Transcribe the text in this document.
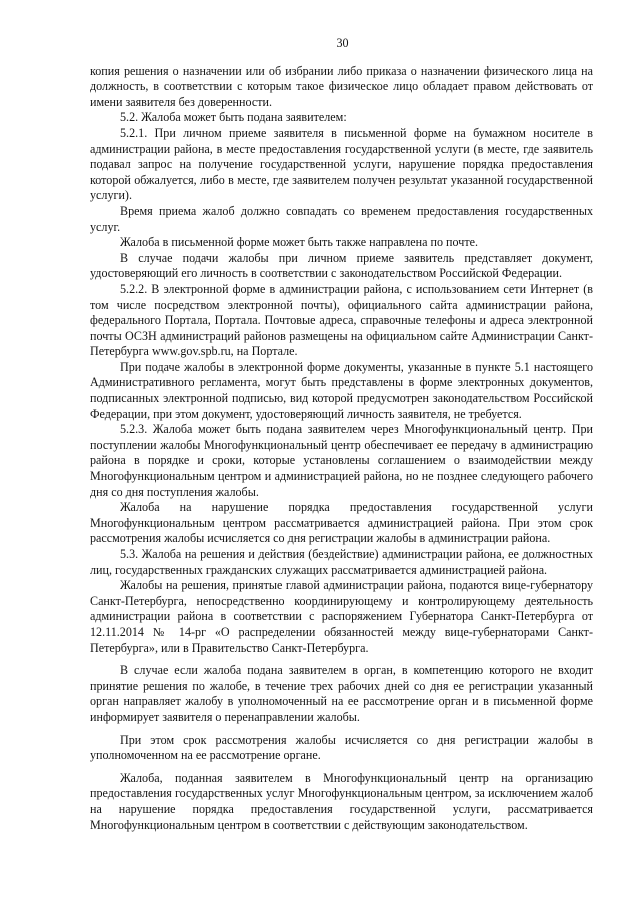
30

копия решения о назначении или об избрании либо приказа о назначении физического лица на должность, в соответствии с которым такое физическое лицо обладает правом действовать от имени заявителя без доверенности.

5.2. Жалоба может быть подана заявителем:

5.2.1. При личном приеме заявителя в письменной форме на бумажном носителе в администрации района, в месте предоставления государственной услуги (в месте, где заявитель подавал запрос на получение государственной услуги, нарушение порядка предоставления которой обжалуется, либо в месте, где заявителем получен результат указанной государственной услуги).

Время приема жалоб должно совпадать со временем предоставления государственных услуг.

Жалоба в письменной форме может быть также направлена по почте.

В случае подачи жалобы при личном приеме заявитель представляет документ, удостоверяющий его личность в соответствии с законодательством Российской Федерации.

5.2.2. В электронной форме в администрации района, с использованием сети Интернет (в том числе посредством электронной почты), официального сайта администрации района, федерального Портала, Портала. Почтовые адреса, справочные телефоны и адреса электронной почты ОСЗН администраций районов размещены на официальном сайте Администрации Санкт-Петербурга www.gov.spb.ru, на Портале.

При подаче жалобы в электронной форме документы, указанные в пункте 5.1 настоящего Административного регламента, могут быть представлены в форме электронных документов, подписанных электронной подписью, вид которой предусмотрен законодательством Российской Федерации, при этом документ, удостоверяющий личность заявителя, не требуется.

5.2.3. Жалоба может быть подана заявителем через Многофункциональный центр. При поступлении жалобы Многофункциональный центр обеспечивает ее передачу в администрацию района в порядке и сроки, которые установлены соглашением о взаимодействии между Многофункциональным центром и администрацией района, но не позднее следующего рабочего дня со дня поступления жалобы.

Жалоба на нарушение порядка предоставления государственной услуги Многофункциональным центром рассматривается администрацией района. При этом срок рассмотрения жалобы исчисляется со дня регистрации жалобы в администрации района.

5.3. Жалоба на решения и действия (бездействие) администрации района, ее должностных лиц, государственных гражданских служащих рассматривается администрацией района.

Жалобы на решения, принятые главой администрации района, подаются вице-губернатору Санкт-Петербурга, непосредственно координирующему и контролирующему деятельность администрации района в соответствии с распоряжением Губернатора Санкт-Петербурга от 12.11.2014 № 14-рг «О распределении обязанностей между вице-губернаторами Санкт-Петербурга», или в Правительство Санкт-Петербурга.

В случае если жалоба подана заявителем в орган, в компетенцию которого не входит принятие решения по жалобе, в течение трех рабочих дней со дня ее регистрации указанный орган направляет жалобу в уполномоченный на ее рассмотрение орган и в письменной форме информирует заявителя о перенаправлении жалобы.

При этом срок рассмотрения жалобы исчисляется со дня регистрации жалобы в уполномоченном на ее рассмотрение органе.

Жалоба, поданная заявителем в Многофункциональный центр на организацию предоставления государственных услуг Многофункциональным центром, за исключением жалоб на нарушение порядка предоставления государственной услуги, рассматривается Многофункциональным центром в соответствии с действующим законодательством.
